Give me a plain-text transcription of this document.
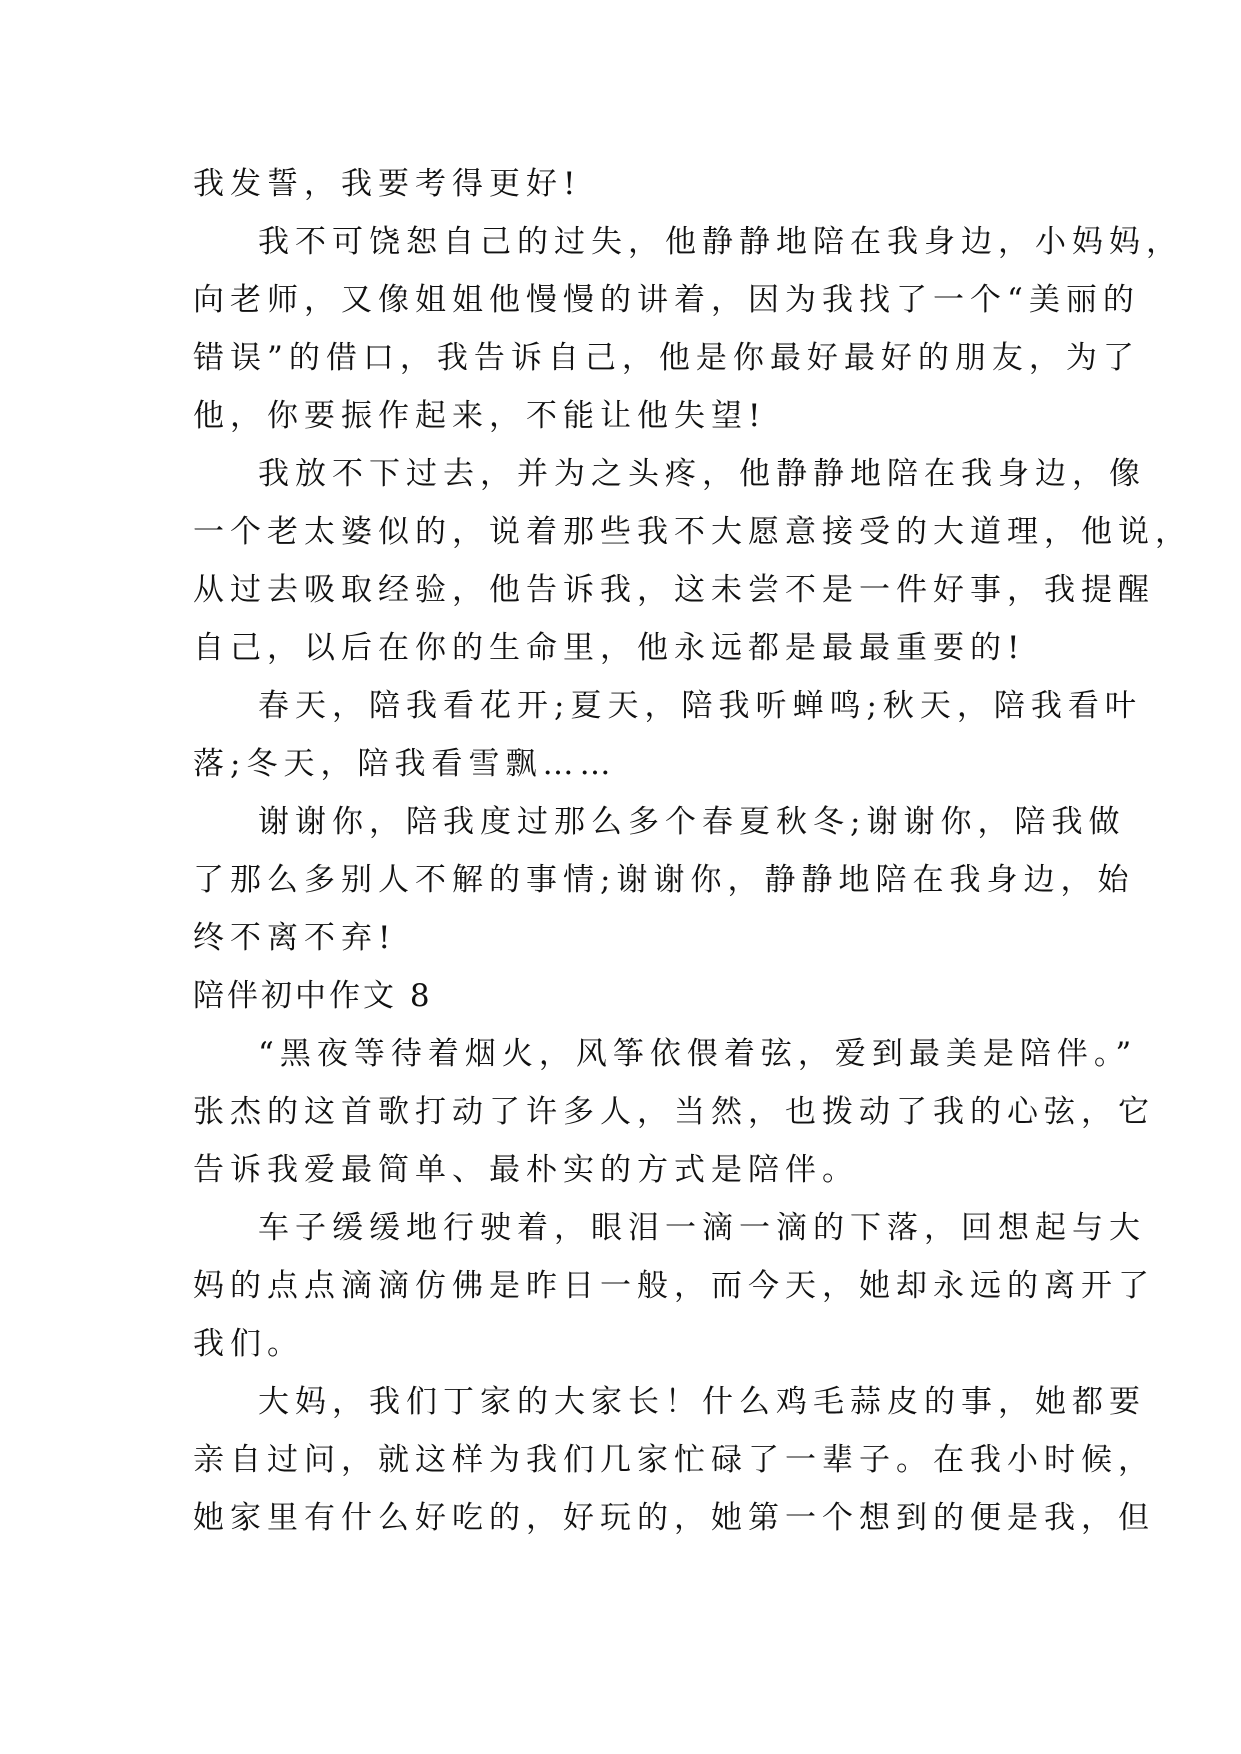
我发誓，我要考得更好!
我不可饶恕自己的过失，他静静地陪在我身边，小妈妈，
向老师，又像姐姐他慢慢的讲着，因为我找了一个“美丽的
错误”的借口，我告诉自己，他是你最好最好的朋友，为了
他，你要振作起来，不能让他失望!
我放不下过去，并为之头疼，他静静地陪在我身边，像
一个老太婆似的，说着那些我不大愿意接受的大道理，他说，
从过去吸取经验，他告诉我，这未尝不是一件好事，我提醒
自己，以后在你的生命里，他永远都是最最重要的!
春天，陪我看花开;夏天，陪我听蝉鸣;秋天，陪我看叶
落;冬天，陪我看雪飘……
谢谢你，陪我度过那么多个春夏秋冬;谢谢你，陪我做
了那么多别人不解的事情;谢谢你，静静地陪在我身边，始
终不离不弃!
陪伴初中作文 8
“黑夜等待着烟火，风筝依偎着弦，爱到最美是陪伴。”
张杰的这首歌打动了许多人，当然，也拨动了我的心弦，它
告诉我爱最简单、最朴实的方式是陪伴。
车子缓缓地行驶着，眼泪一滴一滴的下落，回想起与大
妈的点点滴滴仿佛是昨日一般，而今天，她却永远的离开了
我们。
大妈，我们丁家的大家长！什么鸡毛蒜皮的事，她都要
亲自过问，就这样为我们几家忙碌了一辈子。在我小时候，
她家里有什么好吃的，好玩的，她第一个想到的便是我，但
